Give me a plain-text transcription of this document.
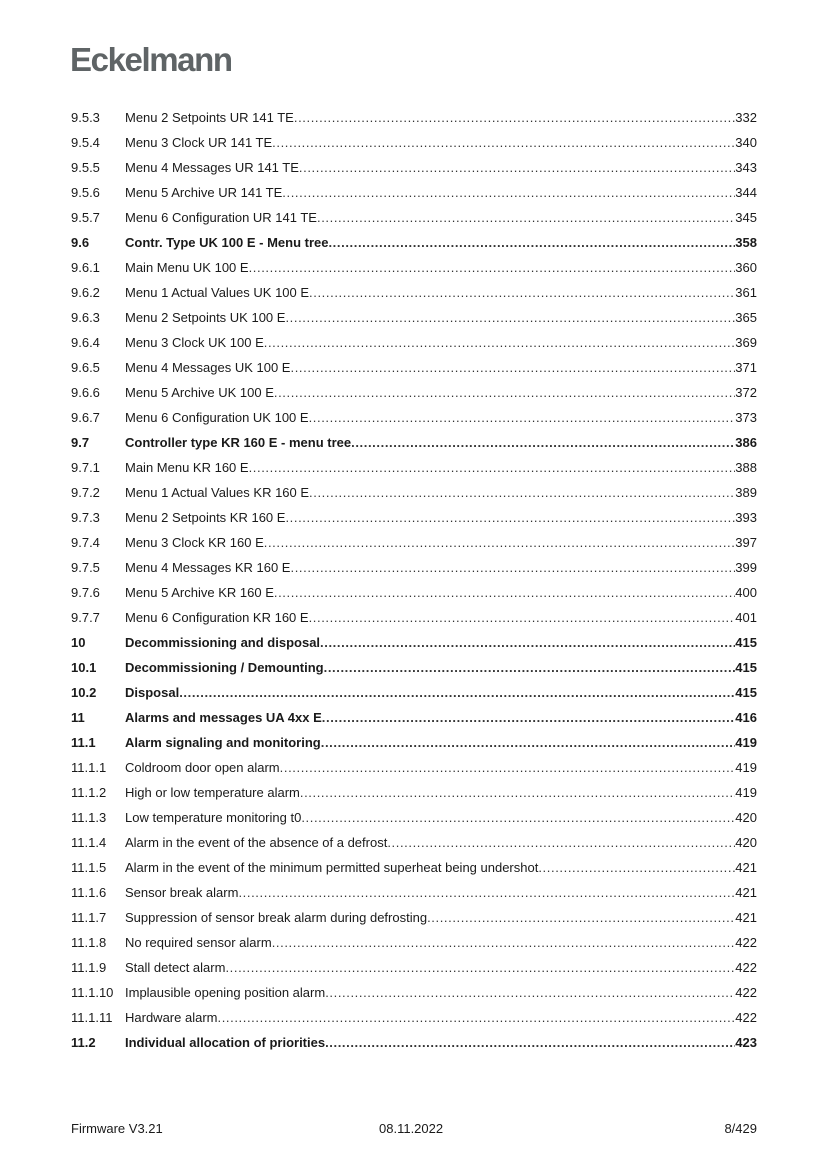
Eckelmann
9.5.3	Menu 2 Setpoints UR 141 TE .....	332
9.5.4	Menu 3 Clock UR 141 TE .....	340
9.5.5	Menu 4 Messages UR 141 TE .....	343
9.5.6	Menu 5 Archive UR 141 TE .....	344
9.5.7	Menu 6 Configuration UR 141 TE .....	345
9.6	Contr. Type UK 100 E - Menu tree .....	358
9.6.1	Main Menu UK 100 E .....	360
9.6.2	Menu 1 Actual Values UK 100 E .....	361
9.6.3	Menu 2 Setpoints UK 100 E .....	365
9.6.4	Menu 3 Clock UK 100 E .....	369
9.6.5	Menu 4 Messages UK 100 E .....	371
9.6.6	Menu 5 Archive UK 100 E .....	372
9.6.7	Menu 6 Configuration UK 100 E .....	373
9.7	Controller type KR 160 E - menu tree .....	386
9.7.1	Main Menu KR 160 E .....	388
9.7.2	Menu 1 Actual Values KR 160 E .....	389
9.7.3	Menu 2 Setpoints KR 160 E .....	393
9.7.4	Menu 3 Clock KR 160 E .....	397
9.7.5	Menu 4 Messages KR 160 E .....	399
9.7.6	Menu 5 Archive KR 160 E .....	400
9.7.7	Menu 6 Configuration KR 160 E .....	401
10	Decommissioning and disposal .....	415
10.1	Decommissioning / Demounting .....	415
10.2	Disposal .....	415
11	Alarms and messages UA 4xx E .....	416
11.1	Alarm signaling and monitoring .....	419
11.1.1	Coldroom door open alarm .....	419
11.1.2	High or low temperature alarm .....	419
11.1.3	Low temperature monitoring t0 .....	420
11.1.4	Alarm in the event of the absence of a defrost .....	420
11.1.5	Alarm in the event of the minimum permitted superheat being undershot .....	421
11.1.6	Sensor break alarm .....	421
11.1.7	Suppression of sensor break alarm during defrosting .....	421
11.1.8	No required sensor alarm .....	422
11.1.9	Stall detect alarm .....	422
11.1.10 Implausible opening position alarm .....	422
11.1.11 Hardware alarm .....	422
11.2	Individual allocation of priorities .....	423
Firmware V3.21	08.11.2022	8/429
